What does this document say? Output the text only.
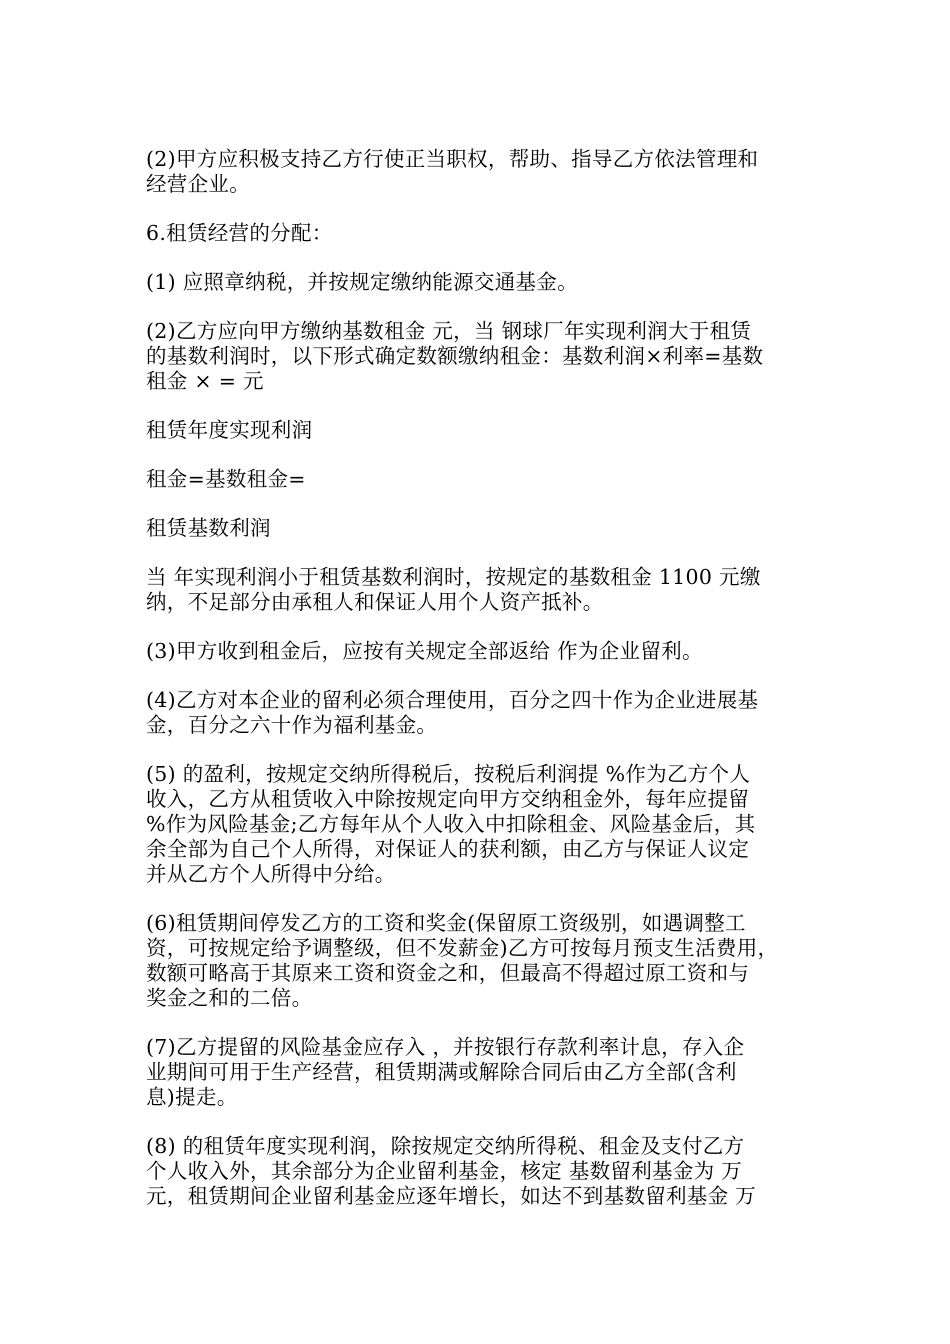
(2)甲方应积极支持乙方行使正当职权，帮助、指导乙方依法管理和
经营企业。
6.租赁经营的分配：
(1) 应照章纳税，并按规定缴纳能源交通基金。
(2)乙方应向甲方缴纳基数租金 元，当 钢球厂年实现利润大于租赁
的基数利润时，以下形式确定数额缴纳租金：基数利润×利率=基数
租金 × = 元
租赁年度实现利润
租金=基数租金=
租赁基数利润
当 年实现利润小于租赁基数利润时，按规定的基数租金 1100 元缴
纳，不足部分由承租人和保证人用个人资产抵补。
(3)甲方收到租金后，应按有关规定全部返给 作为企业留利。
(4)乙方对本企业的留利必须合理使用，百分之四十作为企业进展基
金，百分之六十作为福利基金。
(5) 的盈利，按规定交纳所得税后，按税后利润提 %作为乙方个人
收入，乙方从租赁收入中除按规定向甲方交纳租金外，每年应提留
%作为风险基金;乙方每年从个人收入中扣除租金、风险基金后，其
余全部为自己个人所得，对保证人的获利额，由乙方与保证人议定
并从乙方个人所得中分给。
(6)租赁期间停发乙方的工资和奖金(保留原工资级别，如遇调整工
资，可按规定给予调整级，但不发薪金)乙方可按每月预支生活费用，
数额可略高于其原来工资和资金之和，但最高不得超过原工资和与
奖金之和的二倍。
(7)乙方提留的风险基金应存入 ，并按银行存款利率计息，存入企
业期间可用于生产经营，租赁期满或解除合同后由乙方全部(含利
息)提走。
(8) 的租赁年度实现利润，除按规定交纳所得税、租金及支付乙方
个人收入外，其余部分为企业留利基金，核定 基数留利基金为 万
元，租赁期间企业留利基金应逐年增长，如达不到基数留利基金 万
